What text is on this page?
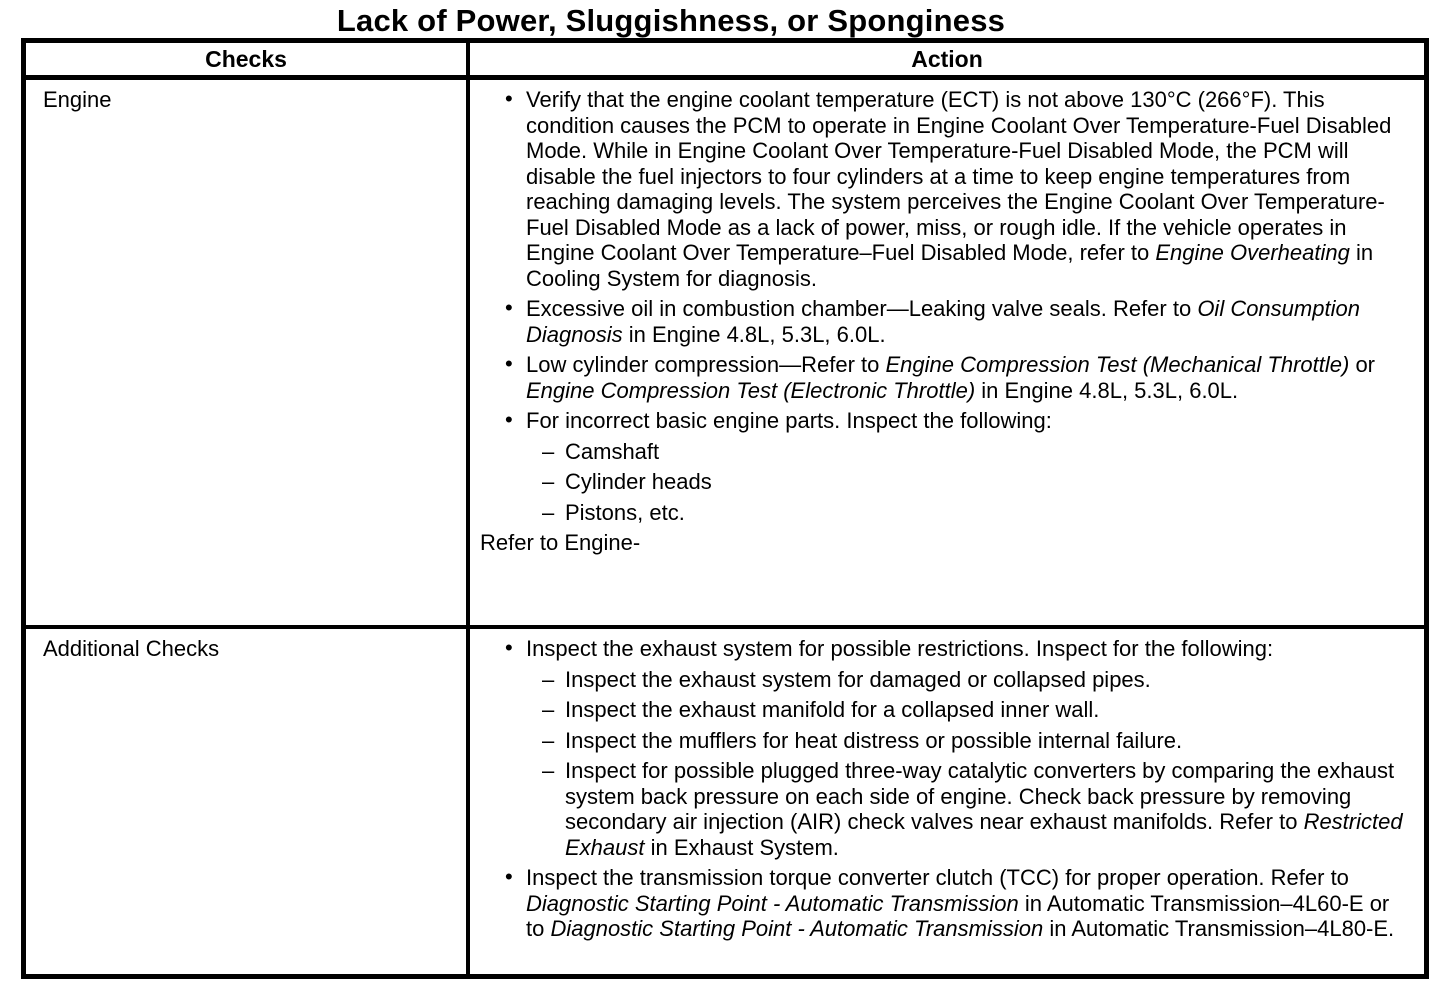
Lack of Power, Sluggishness, or Sponginess
Checks	Action
Engine	• Verify that the engine coolant temperature (ECT) is not above 130°C (266°F). This condition causes the PCM to operate in Engine Coolant Over Temperature-Fuel Disabled Mode. While in Engine Coolant Over Temperature-Fuel Disabled Mode, the PCM will disable the fuel injectors to four cylinders at a time to keep engine temperatures from reaching damaging levels. The system perceives the Engine Coolant Over Temperature-Fuel Disabled Mode as a lack of power, miss, or rough idle. If the vehicle operates in Engine Coolant Over Temperature–Fuel Disabled Mode, refer to Engine Overheating in Cooling System for diagnosis.
• Excessive oil in combustion chamber—Leaking valve seals. Refer to Oil Consumption Diagnosis in Engine 4.8L, 5.3L, 6.0L.
• Low cylinder compression—Refer to Engine Compression Test (Mechanical Throttle) or Engine Compression Test (Electronic Throttle) in Engine 4.8L, 5.3L, 6.0L.
• For incorrect basic engine parts. Inspect the following:
– Camshaft
– Cylinder heads
– Pistons, etc.
Refer to Engine-
Additional Checks	• Inspect the exhaust system for possible restrictions. Inspect for the following:
– Inspect the exhaust system for damaged or collapsed pipes.
– Inspect the exhaust manifold for a collapsed inner wall.
– Inspect the mufflers for heat distress or possible internal failure.
– Inspect for possible plugged three-way catalytic converters by comparing the exhaust system back pressure on each side of engine. Check back pressure by removing secondary air injection (AIR) check valves near exhaust manifolds. Refer to Restricted Exhaust in Exhaust System.
• Inspect the transmission torque converter clutch (TCC) for proper operation. Refer to Diagnostic Starting Point - Automatic Transmission in Automatic Transmission–4L60-E or to Diagnostic Starting Point - Automatic Transmission in Automatic Transmission–4L80-E.
